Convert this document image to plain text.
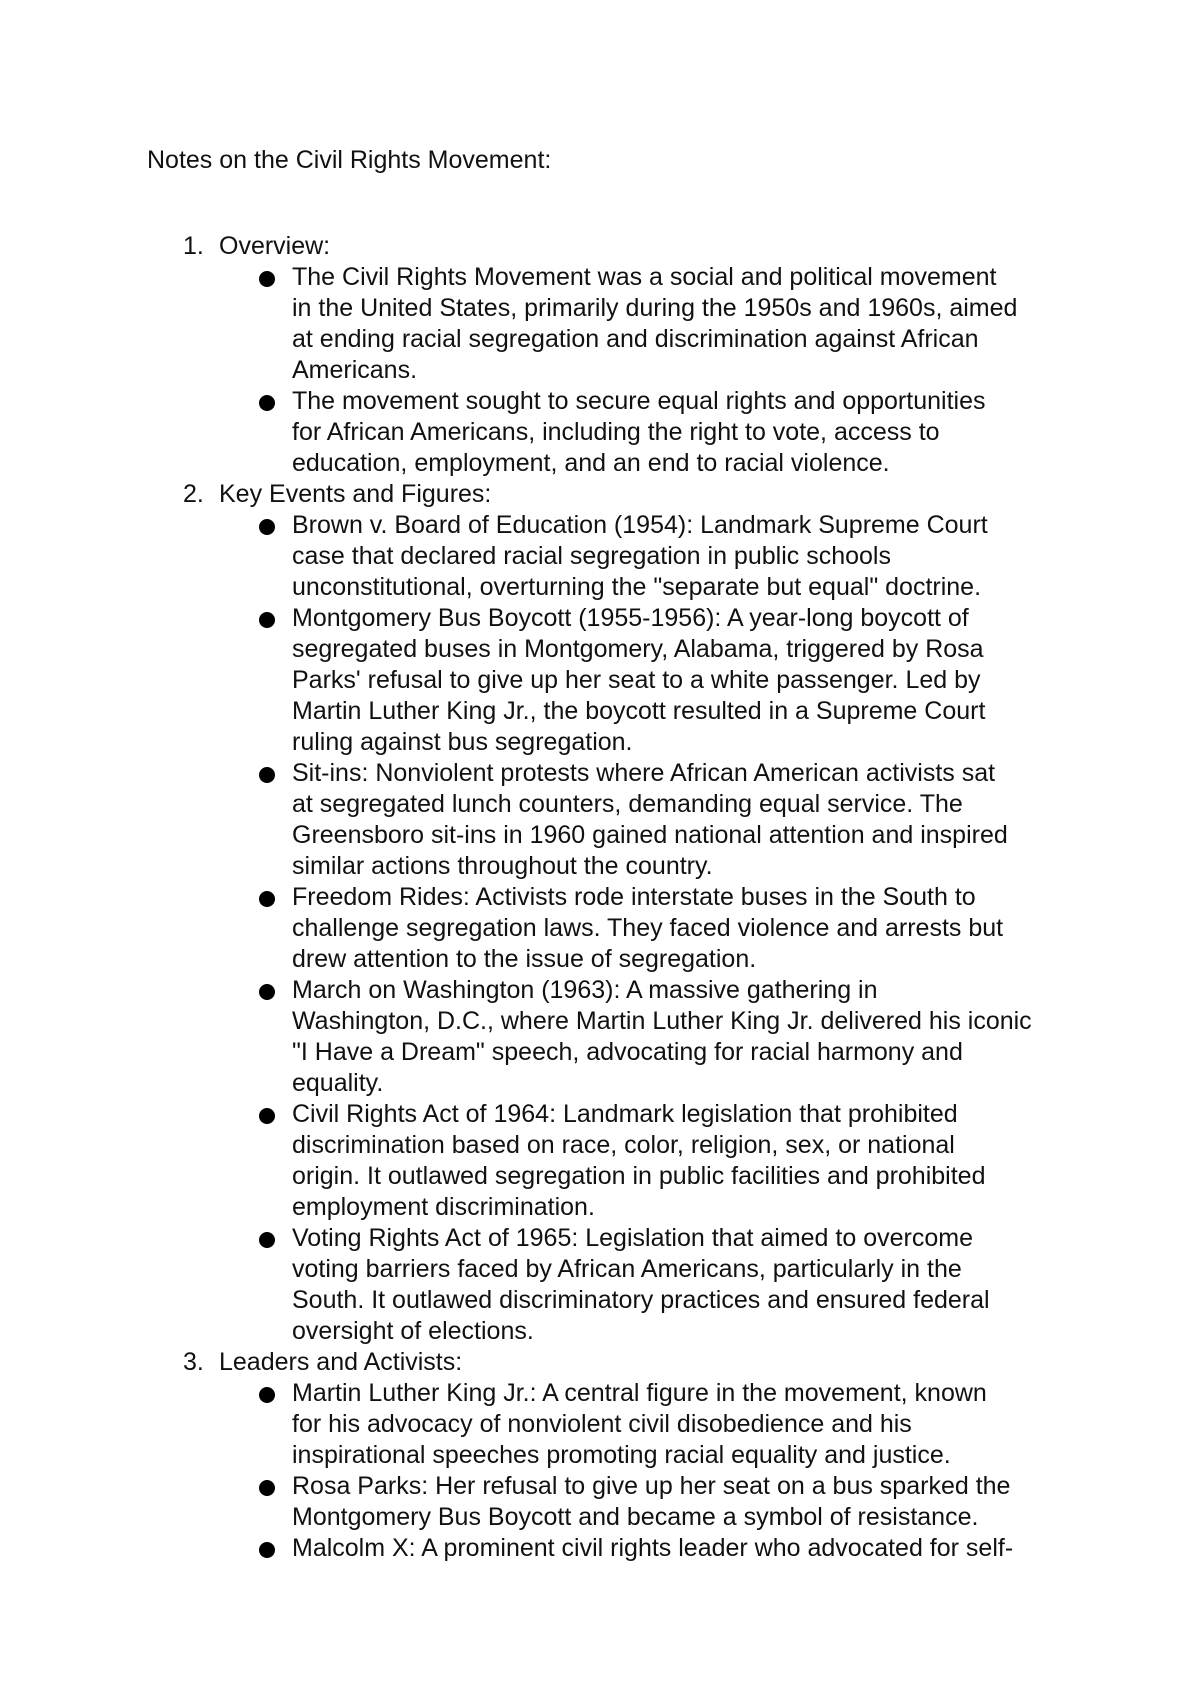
Notes on the Civil Rights Movement:
1. Overview:
The Civil Rights Movement was a social and political movement
in the United States, primarily during the 1950s and 1960s, aimed
at ending racial segregation and discrimination against African
Americans.
The movement sought to secure equal rights and opportunities
for African Americans, including the right to vote, access to
education, employment, and an end to racial violence.
2. Key Events and Figures:
Brown v. Board of Education (1954): Landmark Supreme Court
case that declared racial segregation in public schools
unconstitutional, overturning the "separate but equal" doctrine.
Montgomery Bus Boycott (1955-1956): A year-long boycott of
segregated buses in Montgomery, Alabama, triggered by Rosa
Parks' refusal to give up her seat to a white passenger. Led by
Martin Luther King Jr., the boycott resulted in a Supreme Court
ruling against bus segregation.
Sit-ins: Nonviolent protests where African American activists sat
at segregated lunch counters, demanding equal service. The
Greensboro sit-ins in 1960 gained national attention and inspired
similar actions throughout the country.
Freedom Rides: Activists rode interstate buses in the South to
challenge segregation laws. They faced violence and arrests but
drew attention to the issue of segregation.
March on Washington (1963): A massive gathering in
Washington, D.C., where Martin Luther King Jr. delivered his iconic
"I Have a Dream" speech, advocating for racial harmony and
equality.
Civil Rights Act of 1964: Landmark legislation that prohibited
discrimination based on race, color, religion, sex, or national
origin. It outlawed segregation in public facilities and prohibited
employment discrimination.
Voting Rights Act of 1965: Legislation that aimed to overcome
voting barriers faced by African Americans, particularly in the
South. It outlawed discriminatory practices and ensured federal
oversight of elections.
3. Leaders and Activists:
Martin Luther King Jr.: A central figure in the movement, known
for his advocacy of nonviolent civil disobedience and his
inspirational speeches promoting racial equality and justice.
Rosa Parks: Her refusal to give up her seat on a bus sparked the
Montgomery Bus Boycott and became a symbol of resistance.
Malcolm X: A prominent civil rights leader who advocated for self-
